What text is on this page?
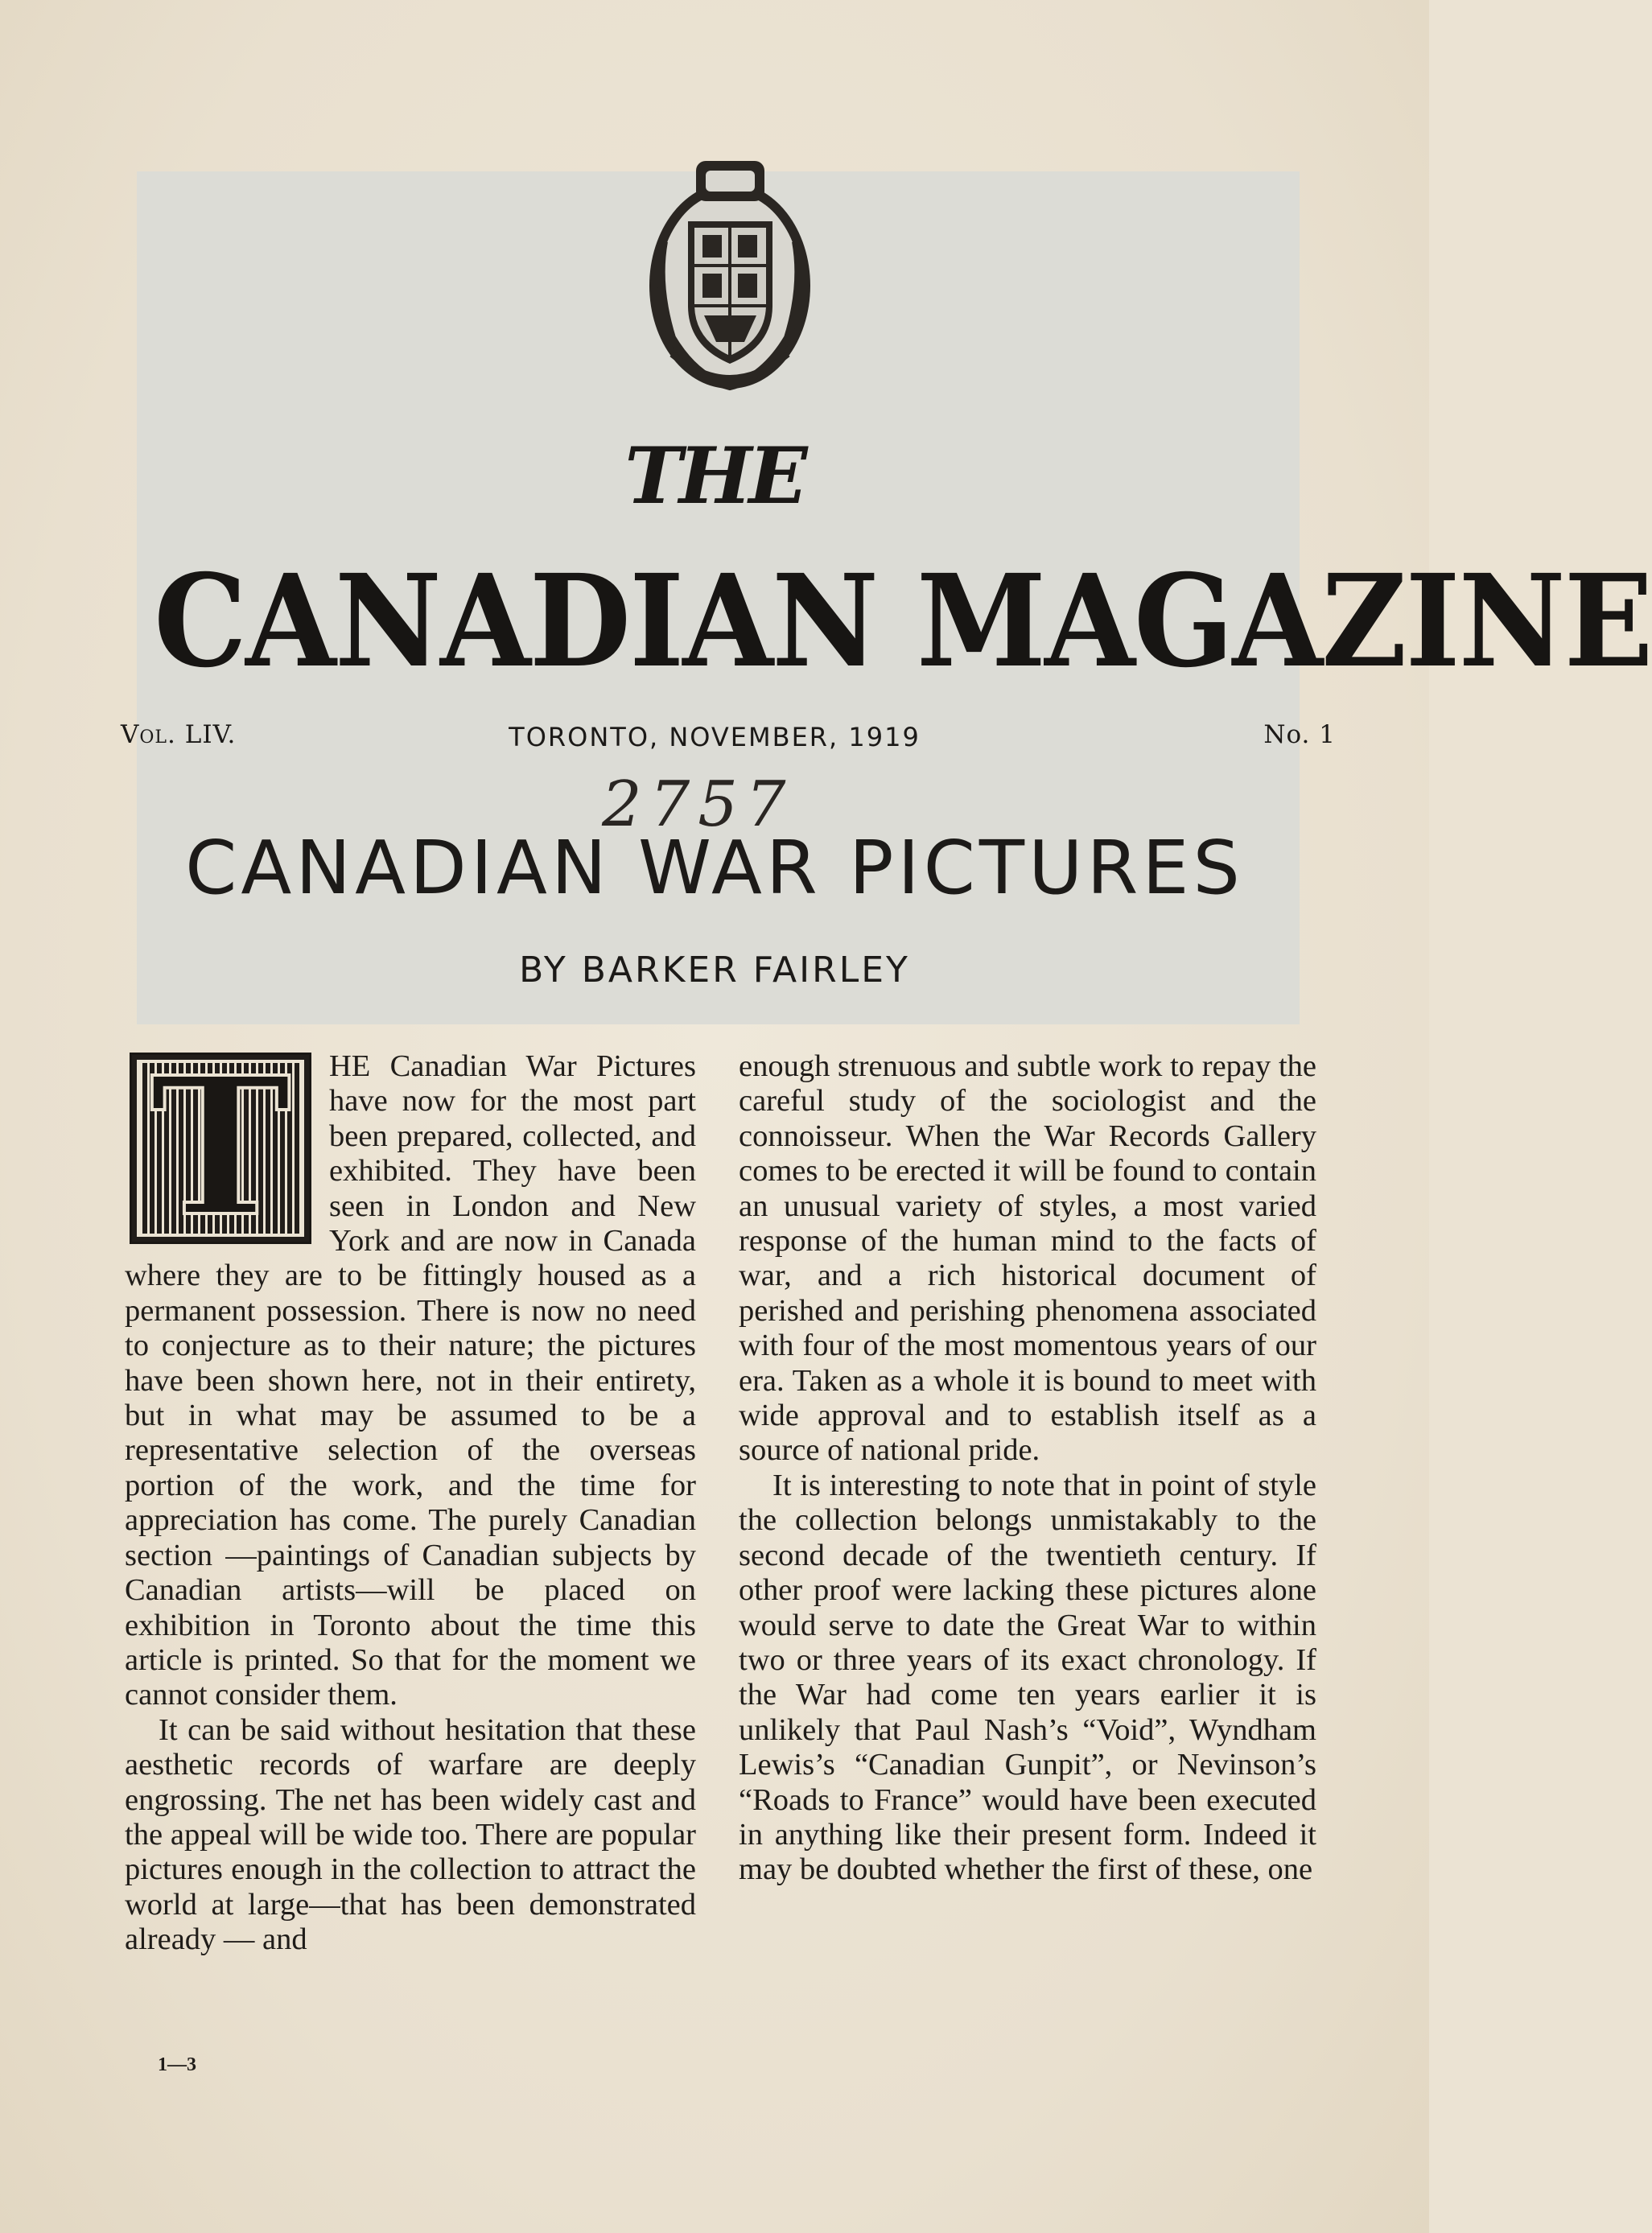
THE
CANADIAN MAGAZINE
Vol. LIV.	TORONTO, NOVEMBER, 1919	No. 1
2757
CANADIAN WAR PICTURES
BY BARKER FAIRLEY
T	HE Canadian War Pictures have now for the most part been prepared, collected, and exhibited. They have been seen in London and New York and are now in Canada where they are to be fittingly housed as a permanent possession. There is now no need to conjecture as to their nature; the pictures have been shown here, not in their entirety, but in what may be assumed to be a representative selection of the overseas portion of the work, and the time for appreciation has come. The purely Canadian section —paintings of Canadian subjects by Canadian artists—will be placed on exhibition in Toronto about the time this article is printed. So that for the moment we cannot consider them.

It can be said without hesitation that these aesthetic records of warfare are deeply engrossing. The net has been widely cast and the appeal will be wide too. There are popular pictures enough in the collection to attract the world at large—that has been demonstrated already — and

enough strenuous and subtle work to repay the careful study of the sociologist and the connoisseur. When the War Records Gallery comes to be erected it will be found to contain an unusual variety of styles, a most varied response of the human mind to the facts of war, and a rich historical document of perished and perishing phenomena associated with four of the most momentous years of our era. Taken as a whole it is bound to meet with wide approval and to establish itself as a source of national pride.

It is interesting to note that in point of style the collection belongs unmistakably to the second decade of the twentieth century. If other proof were lacking these pictures alone would serve to date the Great War to within two or three years of its exact chronology. If the War had come ten years earlier it is unlikely that Paul Nash’s “Void”, Wyndham Lewis’s “Canadian Gunpit”, or Nevinson’s “Roads to France” would have been executed in anything like their present form. Indeed it may be doubted whether the first of these, one

1—3
